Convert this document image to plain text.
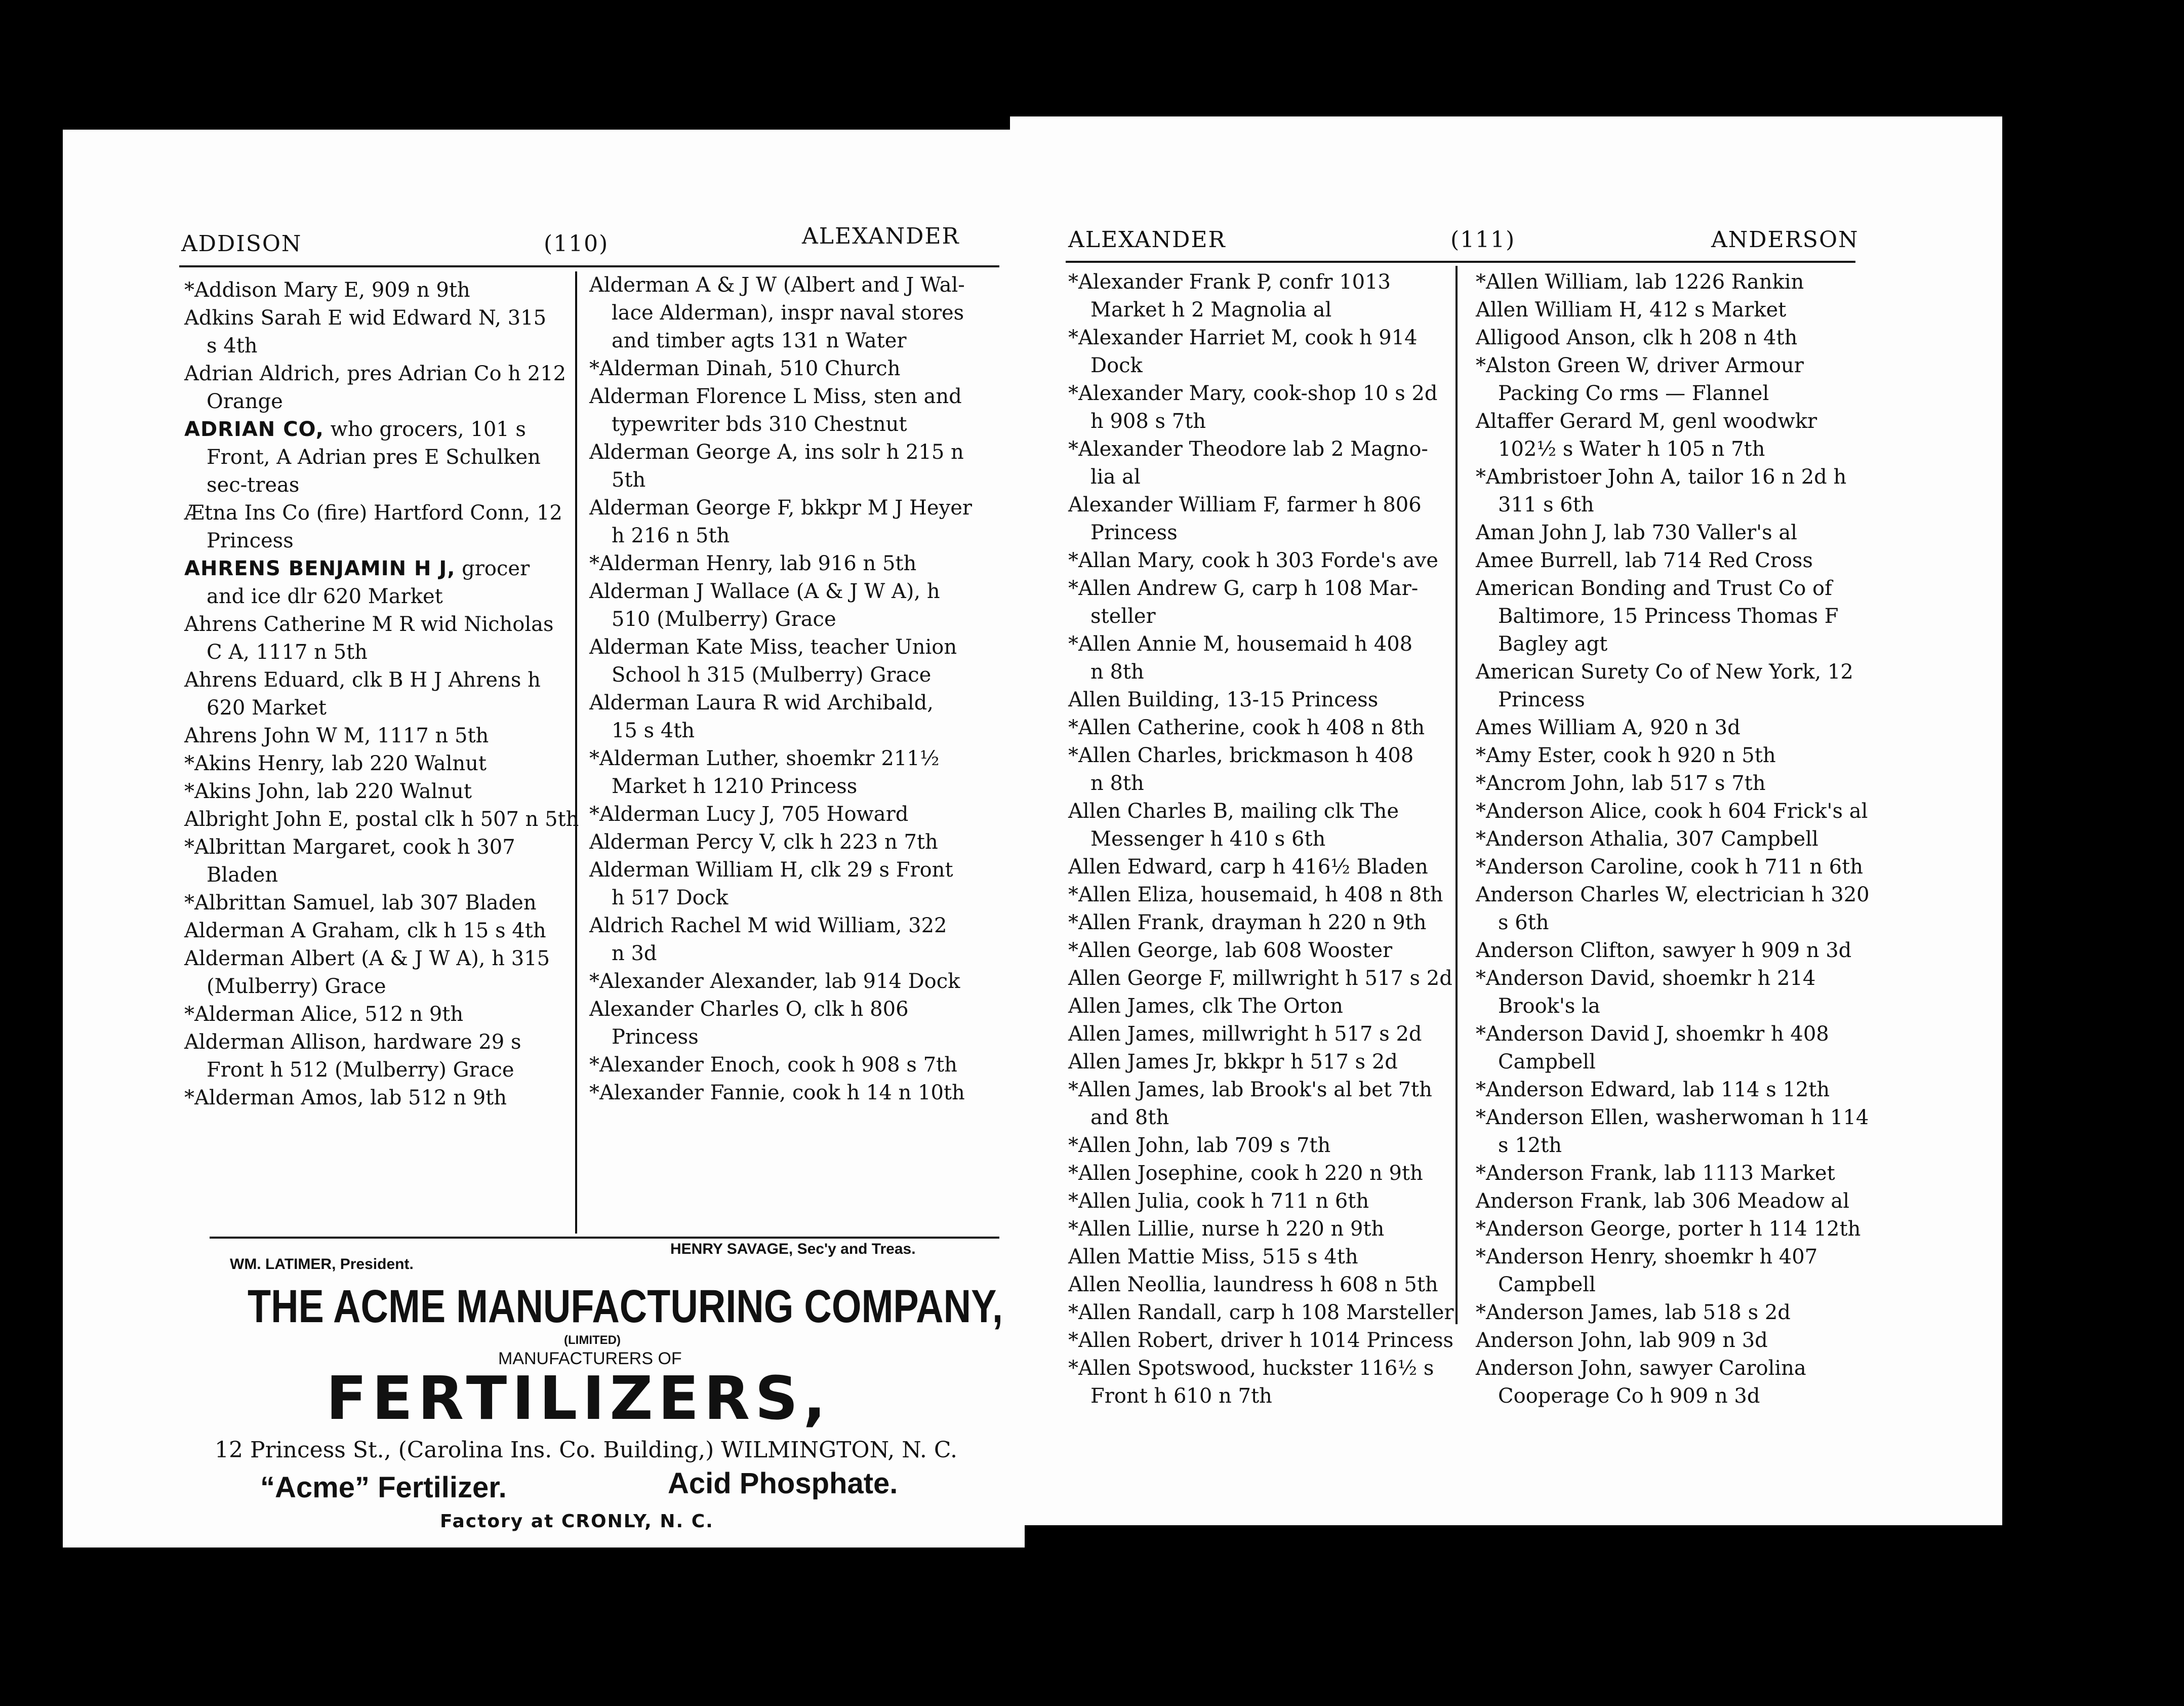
ADDISON	(110)	ALEXANDER
*Addison Mary E, 909 n 9th
Adkins Sarah E wid Edward N, 315
s 4th
Adrian Aldrich, pres Adrian Co h 212
Orange
ADRIAN CO, who grocers, 101 s
Front, A Adrian pres E Schulken
sec-treas
Ætna Ins Co (fire) Hartford Conn, 12
Princess
AHRENS BENJAMIN H J, grocer
and ice dlr 620 Market
Ahrens Catherine M R wid Nicholas
C A, 1117 n 5th
Ahrens Eduard, clk B H J Ahrens h
620 Market
Ahrens John W M, 1117 n 5th
*Akins Henry, lab 220 Walnut
*Akins John, lab 220 Walnut
Albright John E, postal clk h 507 n 5th
*Albrittan Margaret, cook h 307
Bladen
*Albrittan Samuel, lab 307 Bladen
Alderman A Graham, clk h 15 s 4th
Alderman Albert (A & J W A), h 315
(Mulberry) Grace
*Alderman Alice, 512 n 9th
Alderman Allison, hardware 29 s
Front h 512 (Mulberry) Grace
*Alderman Amos, lab 512 n 9th
Alderman A & J W (Albert and J Wal-
lace Alderman), inspr naval stores
and timber agts 131 n Water
*Alderman Dinah, 510 Church
Alderman Florence L Miss, sten and
typewriter bds 310 Chestnut
Alderman George A, ins solr h 215 n
5th
Alderman George F, bkkpr M J Heyer
h 216 n 5th
*Alderman Henry, lab 916 n 5th
Alderman J Wallace (A & J W A), h
510 (Mulberry) Grace
Alderman Kate Miss, teacher Union
School h 315 (Mulberry) Grace
Alderman Laura R wid Archibald,
15 s 4th
*Alderman Luther, shoemkr 211½
Market h 1210 Princess
*Alderman Lucy J, 705 Howard
Alderman Percy V, clk h 223 n 7th
Alderman William H, clk 29 s Front
h 517 Dock
Aldrich Rachel M wid William, 322
n 3d
*Alexander Alexander, lab 914 Dock
Alexander Charles O, clk h 806
Princess
*Alexander Enoch, cook h 908 s 7th
*Alexander Fannie, cook h 14 n 10th
WM. LATIMER, President.
HENRY SAVAGE, Sec'y and Treas.
THE ACME MANUFACTURING COMPANY,
(LIMITED)
MANUFACTURERS OF
FERTILIZERS,
12 Princess St., (Carolina Ins. Co. Building,) WILMINGTON, N. C.
“Acme” Fertilizer.	Acid Phosphate.
Factory at CRONLY, N. C.
ALEXANDER	(111)	ANDERSON
*Alexander Frank P, confr 1013
Market h 2 Magnolia al
*Alexander Harriet M, cook h 914
Dock
*Alexander Mary, cook-shop 10 s 2d
h 908 s 7th
*Alexander Theodore lab 2 Magno-
lia al
Alexander William F, farmer h 806
Princess
*Allan Mary, cook h 303 Forde's ave
*Allen Andrew G, carp h 108 Mar-
steller
*Allen Annie M, housemaid h 408
n 8th
Allen Building, 13-15 Princess
*Allen Catherine, cook h 408 n 8th
*Allen Charles, brickmason h 408
n 8th
Allen Charles B, mailing clk The
Messenger h 410 s 6th
Allen Edward, carp h 416½ Bladen
*Allen Eliza, housemaid, h 408 n 8th
*Allen Frank, drayman h 220 n 9th
*Allen George, lab 608 Wooster
Allen George F, millwright h 517 s 2d
Allen James, clk The Orton
Allen James, millwright h 517 s 2d
Allen James Jr, bkkpr h 517 s 2d
*Allen James, lab Brook's al bet 7th
and 8th
*Allen John, lab 709 s 7th
*Allen Josephine, cook h 220 n 9th
*Allen Julia, cook h 711 n 6th
*Allen Lillie, nurse h 220 n 9th
Allen Mattie Miss, 515 s 4th
Allen Neollia, laundress h 608 n 5th
*Allen Randall, carp h 108 Marsteller
*Allen Robert, driver h 1014 Princess
*Allen Spotswood, huckster 116½ s
Front h 610 n 7th
*Allen William, lab 1226 Rankin
Allen William H, 412 s Market
Alligood Anson, clk h 208 n 4th
*Alston Green W, driver Armour
Packing Co rms — Flannel
Altaffer Gerard M, genl woodwkr
102½ s Water h 105 n 7th
*Ambristoer John A, tailor 16 n 2d h
311 s 6th
Aman John J, lab 730 Valler's al
Amee Burrell, lab 714 Red Cross
American Bonding and Trust Co of
Baltimore, 15 Princess Thomas F
Bagley agt
American Surety Co of New York, 12
Princess
Ames William A, 920 n 3d
*Amy Ester, cook h 920 n 5th
*Ancrom John, lab 517 s 7th
*Anderson Alice, cook h 604 Frick's al
*Anderson Athalia, 307 Campbell
*Anderson Caroline, cook h 711 n 6th
Anderson Charles W, electrician h 320
s 6th
Anderson Clifton, sawyer h 909 n 3d
*Anderson David, shoemkr h 214
Brook's la
*Anderson David J, shoemkr h 408
Campbell
*Anderson Edward, lab 114 s 12th
*Anderson Ellen, washerwoman h 114
s 12th
*Anderson Frank, lab 1113 Market
Anderson Frank, lab 306 Meadow al
*Anderson George, porter h 114 12th
*Anderson Henry, shoemkr h 407
Campbell
*Anderson James, lab 518 s 2d
Anderson John, lab 909 n 3d
Anderson John, sawyer Carolina
Cooperage Co h 909 n 3d
